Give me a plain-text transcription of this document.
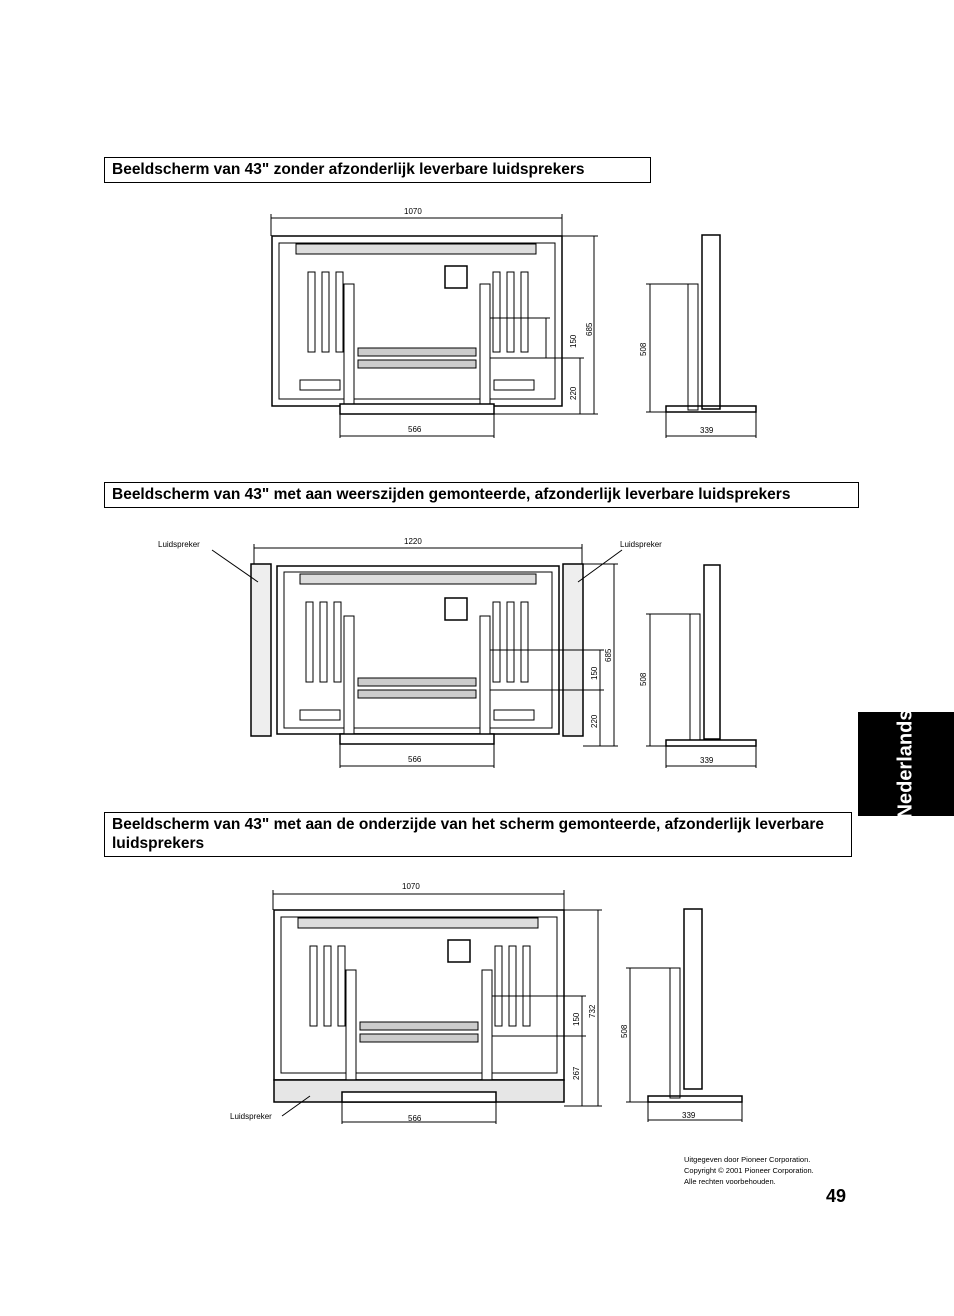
Beeldscherm van 43" zonder afzonderlijk leverbare luidsprekers
1070
566
685
150
220
508
339
Beeldscherm van 43" met aan weerszijden gemonteerde, afzonderlijk leverbare luidsprekers
Luidspreker	Luidspreker
1220
566
685
150
220
508
339	Nederlands
Beeldscherm van 43" met aan de onderzijde van het scherm gemonteerde, afzonderlijk leverbare luidsprekers
1070
Luidspreker	566
732
150
267
508
339
Uitgegeven door Pioneer Corporation.
Copyright © 2001 Pioneer Corporation.
Alle rechten voorbehouden.
49
